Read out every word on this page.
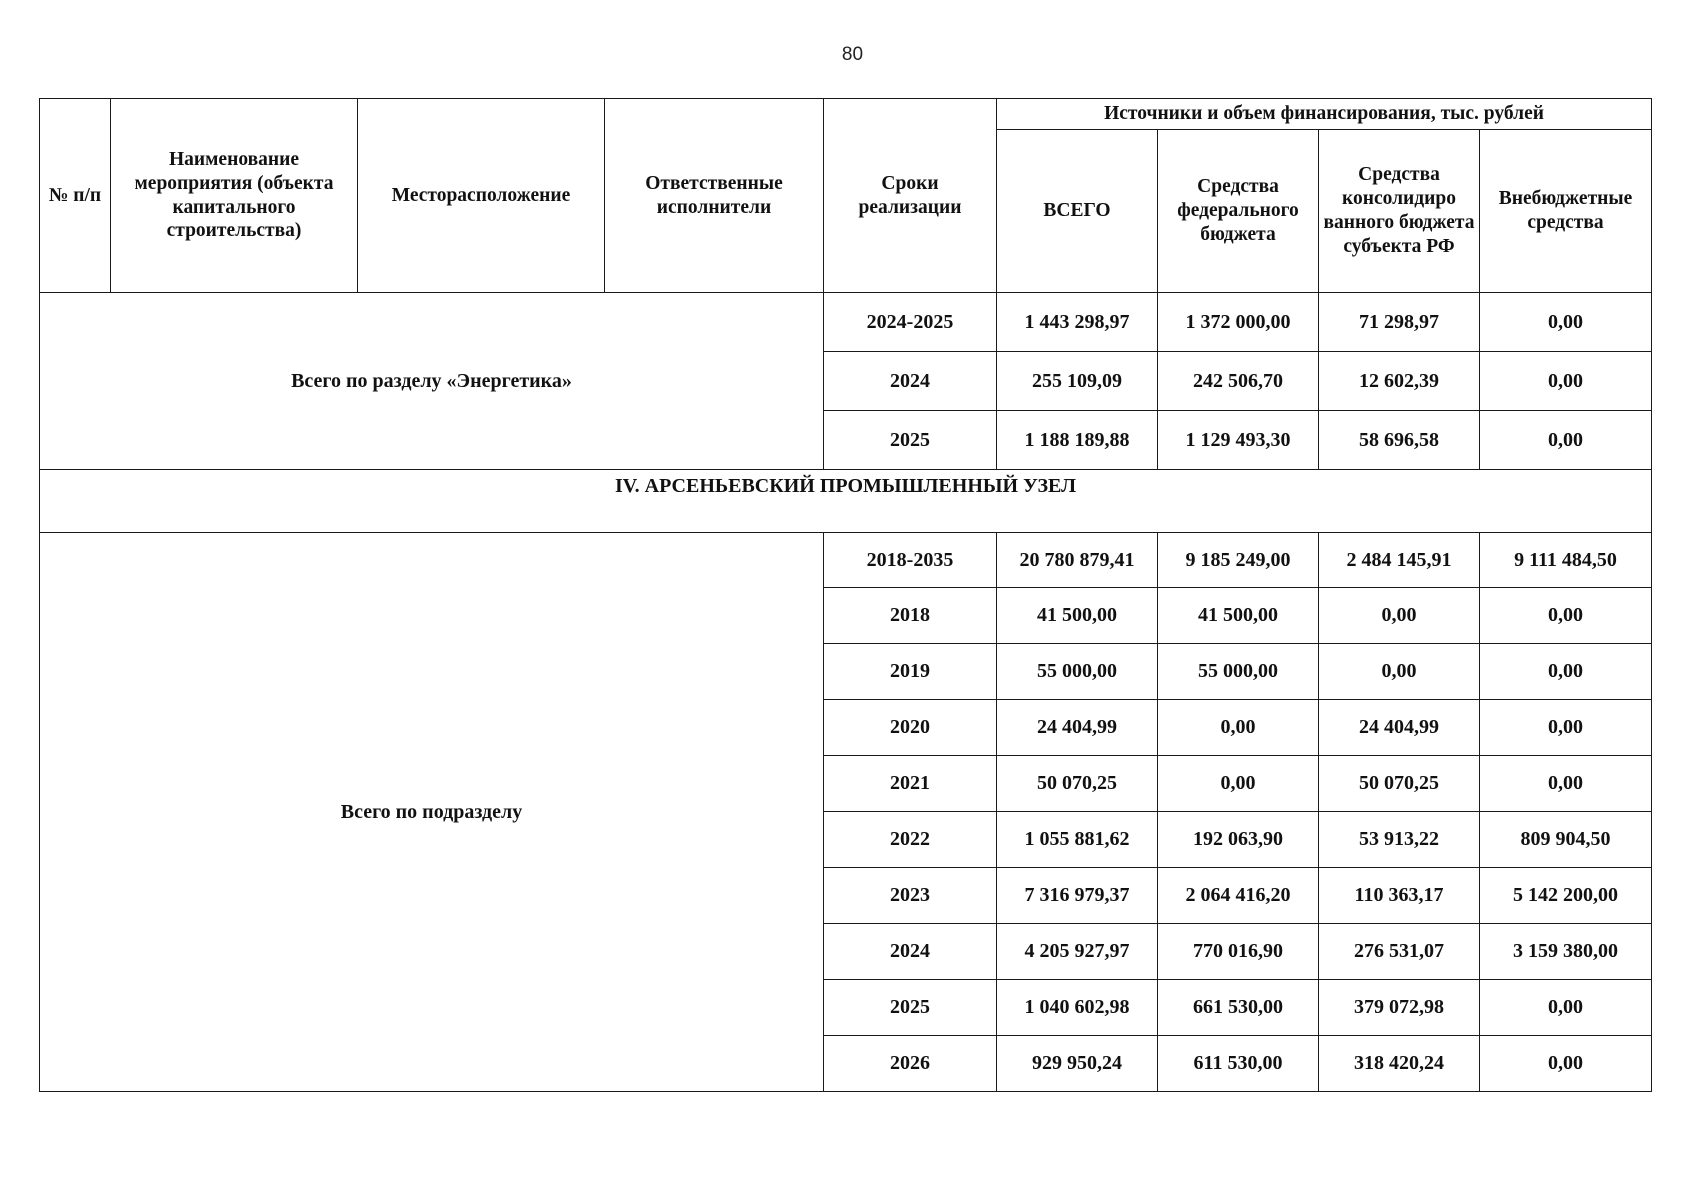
80
№ п/п	Наименование мероприятия (объекта капитального строительства)	Месторасположение	Ответственные исполнители	Сроки реализации	Источники и объем финансирования, тыс. рублей			
					ВСЕГО	Средства федерального бюджета	Средства консолидиро ванного бюджета субъекта РФ	Внебюджетные средства
Всего по разделу «Энергетика»				2024-2025	1 443 298,97	1 372 000,00	71 298,97	0,00
				2024	255 109,09	242 506,70	12 602,39	0,00
				2025	1 188 189,88	1 129 493,30	58 696,58	0,00
IV. АРСЕНЬЕВСКИЙ ПРОМЫШЛЕННЫЙ УЗЕЛ								
Всего по подразделу				2018-2035	20 780 879,41	9 185 249,00	2 484 145,91	9 111 484,50
				2018	41 500,00	41 500,00	0,00	0,00
				2019	55 000,00	55 000,00	0,00	0,00
				2020	24 404,99	0,00	24 404,99	0,00
				2021	50 070,25	0,00	50 070,25	0,00
				2022	1 055 881,62	192 063,90	53 913,22	809 904,50
				2023	7 316 979,37	2 064 416,20	110 363,17	5 142 200,00
				2024	4 205 927,97	770 016,90	276 531,07	3 159 380,00
				2025	1 040 602,98	661 530,00	379 072,98	0,00
				2026	929 950,24	611 530,00	318 420,24	0,00
